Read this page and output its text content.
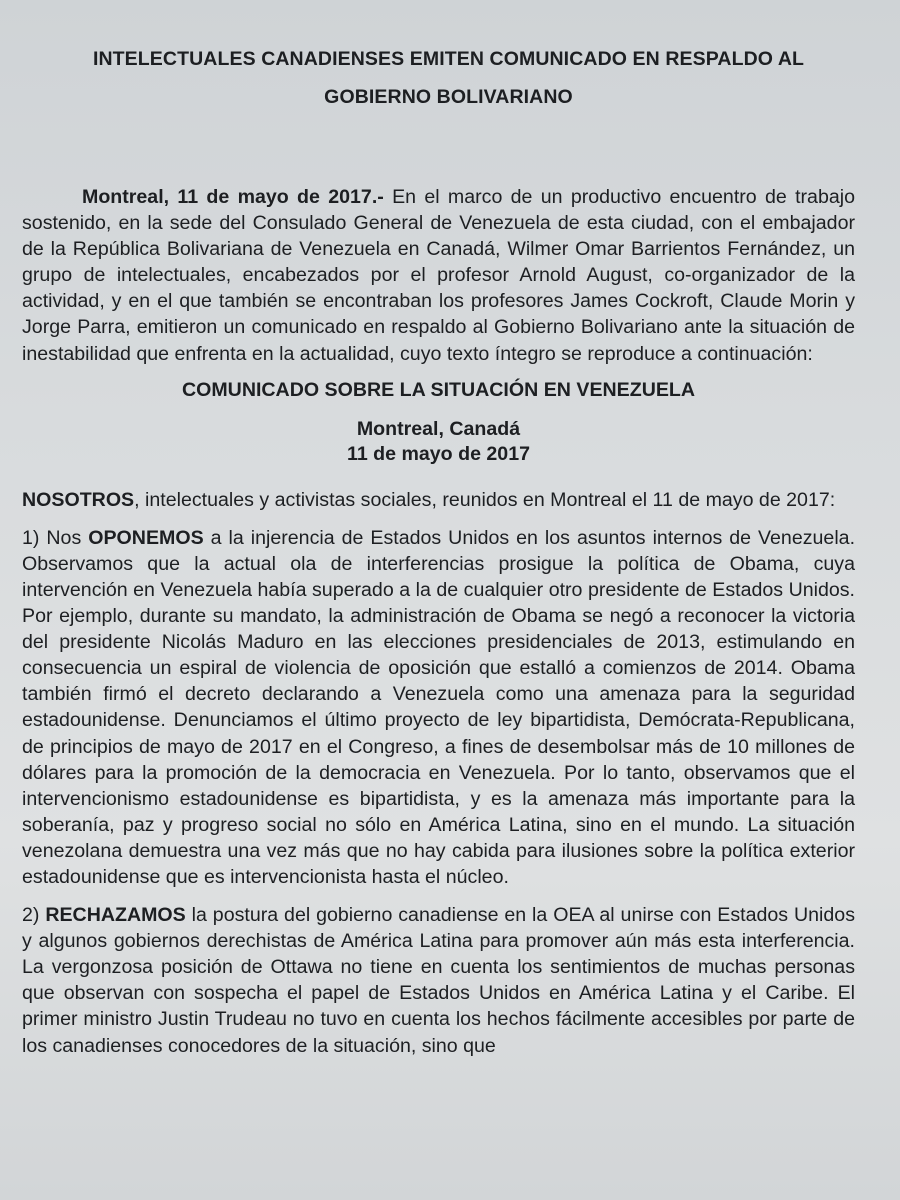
INTELECTUALES CANADIENSES EMITEN COMUNICADO EN RESPALDO AL
GOBIERNO BOLIVARIANO

Montreal, 11 de mayo de 2017.- En el marco de un productivo encuentro de trabajo sostenido, en la sede del Consulado General de Venezuela de esta ciudad, con el embajador de la República Bolivariana de Venezuela en Canadá, Wilmer Omar Barrientos Fernández, un grupo de intelectuales, encabezados por el profesor Arnold August, co-organizador de la actividad, y en el que también se encontraban los profesores James Cockroft, Claude Morin y Jorge Parra, emitieron un comunicado en respaldo al Gobierno Bolivariano ante la situación de inestabilidad que enfrenta en la actualidad, cuyo texto íntegro se reproduce a continuación:

COMUNICADO SOBRE LA SITUACIÓN EN VENEZUELA
Montreal, Canadá
11 de mayo de 2017

NOSOTROS, intelectuales y activistas sociales, reunidos en Montreal el 11 de mayo de 2017:

1) Nos OPONEMOS a la injerencia de Estados Unidos en los asuntos internos de Venezuela. Observamos que la actual ola de interferencias prosigue la política de Obama, cuya intervención en Venezuela había superado a la de cualquier otro presidente de Estados Unidos. Por ejemplo, durante su mandato, la administración de Obama se negó a reconocer la victoria del presidente Nicolás Maduro en las elecciones presidenciales de 2013, estimulando en consecuencia un espiral de violencia de oposición que estalló a comienzos de 2014. Obama también firmó el decreto declarando a Venezuela como una amenaza para la seguridad estadounidense. Denunciamos el último proyecto de ley bipartidista, Demócrata-Republicana, de principios de mayo de 2017 en el Congreso, a fines de desembolsar más de 10 millones de dólares para la promoción de la democracia en Venezuela. Por lo tanto, observamos que el intervencionismo estadounidense es bipartidista, y es la amenaza más importante para la soberanía, paz y progreso social no sólo en América Latina, sino en el mundo. La situación venezolana demuestra una vez más que no hay cabida para ilusiones sobre la política exterior estadounidense que es intervencionista hasta el núcleo.

2) RECHAZAMOS la postura del gobierno canadiense en la OEA al unirse con Estados Unidos y algunos gobiernos derechistas de América Latina para promover aún más esta interferencia. La vergonzosa posición de Ottawa no tiene en cuenta los sentimientos de muchas personas que observan con sospecha el papel de Estados Unidos en América Latina y el Caribe. El primer ministro Justin Trudeau no tuvo en cuenta los hechos fácilmente accesibles por parte de los canadienses conocedores de la situación, sino que
